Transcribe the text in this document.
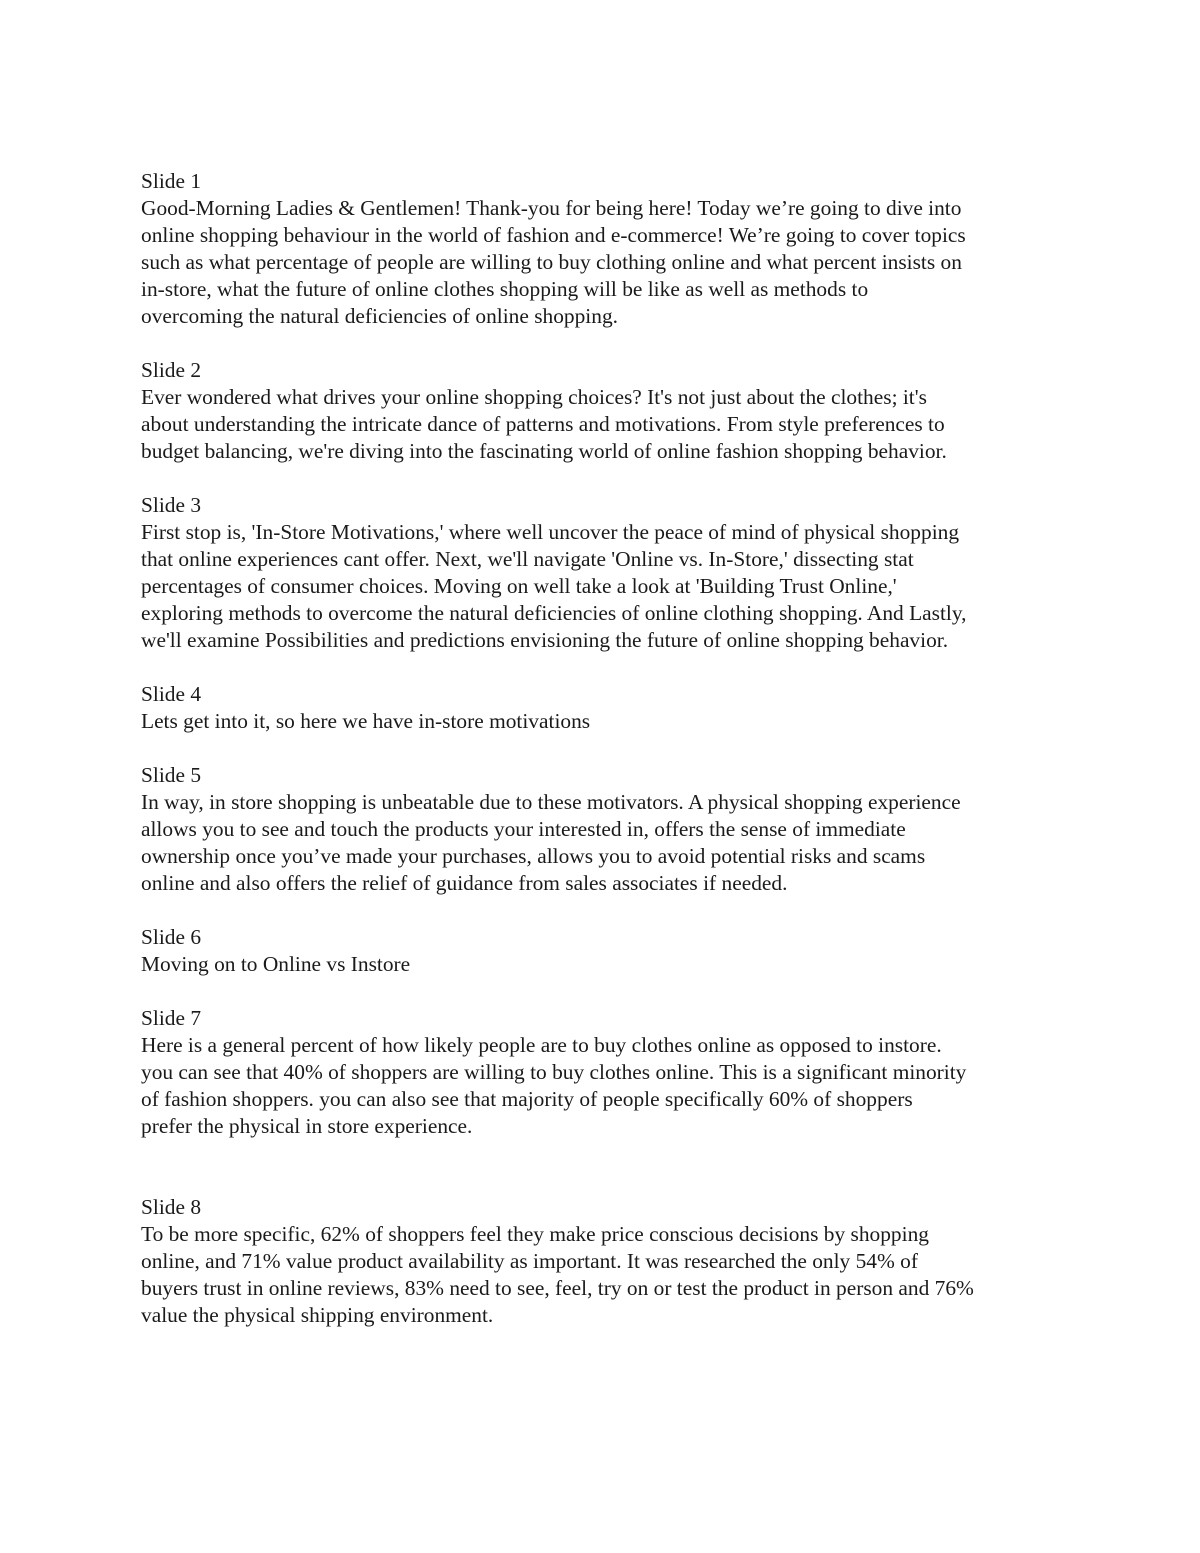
Slide 1
Good-Morning Ladies & Gentlemen! Thank-you for being here! Today we’re going to dive into
online shopping behaviour in the world of fashion and e-commerce! We’re going to cover topics
such as what percentage of people are willing to buy clothing online and what percent insists on
in-store, what the future of online clothes shopping will be like as well as methods to
overcoming the natural deficiencies of online shopping.
Slide 2
Ever wondered what drives your online shopping choices? It's not just about the clothes; it's
about understanding the intricate dance of patterns and motivations. From style preferences to
budget balancing, we're diving into the fascinating world of online fashion shopping behavior.
Slide 3
First stop is, 'In-Store Motivations,' where well uncover the peace of mind of physical shopping
that online experiences cant offer. Next, we'll navigate 'Online vs. In-Store,' dissecting stat
percentages of consumer choices. Moving on well take a look at 'Building Trust Online,'
exploring methods to overcome the natural deficiencies of online clothing shopping. And Lastly,
we'll examine Possibilities and predictions envisioning the future of online shopping behavior.
Slide 4
Lets get into it, so here we have in-store motivations
Slide 5
In way, in store shopping is unbeatable due to these motivators. A physical shopping experience
allows you to see and touch the products your interested in, offers the sense of immediate
ownership once you’ve made your purchases, allows you to avoid potential risks and scams
online and also offers the relief of guidance from sales associates if needed.
Slide 6
Moving on to Online vs Instore
Slide 7
Here is a general percent of how likely people are to buy clothes online as opposed to instore.
you can see that 40% of shoppers are willing to buy clothes online. This is a significant minority
of fashion shoppers. you can also see that majority of people specifically 60% of shoppers
prefer the physical in store experience.
Slide 8
To be more specific, 62% of shoppers feel they make price conscious decisions by shopping
online, and 71% value product availability as important. It was researched the only 54% of
buyers trust in online reviews, 83% need to see, feel, try on or test the product in person and 76%
value the physical shipping environment.
